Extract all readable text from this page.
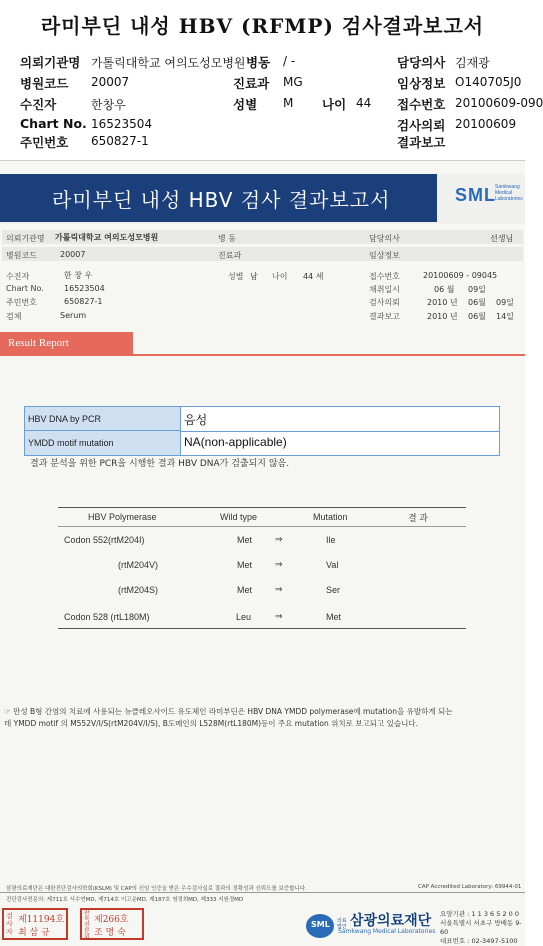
라미부딘 내성 HBV (RFMP) 검사결과보고서
의뢰기관명 가톨릭대학교 여의도성모병원 병동 / -	담당의사 김재광
병원코드 20007	진료과 MG	임상정보 O140705J0
수진자	한창우	성별 M 나이 44 접수번호 20100609-090
Chart No. 16523504	검사의뢰 20100609
주민번호 650827-1	결과보고
라미부딘 내성 HBV 검사 결과보고서	SML Samkwang Medical Laboratories
의뢰기관명 가톨릭대학교 여의도성모병원	병 동	담당의사	선생님
병원코드	20007	진료과	임상정보
수진자	한 창 우	성별 남 나이 44 세	접수번호	20100609 - 09045
Chart No.	16523504	채취일시	06 월 09일
주민번호	650827-1	검사의뢰	2010 년 06월 09일
검체	Serum	결과보고	2010 년 06월 14일
Result Report
HBV DNA by PCR	음성
YMDD motif mutation	NA(non-applicable)
결과 분석을 위한 PCR을 시행한 결과 HBV DNA가 검출되지 않음.
HBV Polymerase	Wild type	Mutation	결 과
Codon 552(rtM204I)	Met	⇒	Ile
(rtM204V)	Met	⇒	Val
(rtM204S)	Met	⇒	Ser
Codon 528 (rtL180M)	Leu	⇒	Met
☞ 만성 B형 간염의 치료에 사용되는 뉴클레오사이드 유도체인 라미부딘은 HBV DNA YMDD polymerase에 mutation을 유발하게 되는
데 YMDD motif 의 M552V/I/S(rtM204V/I/S), B도메인의 L528M(rtL180M)등이 주요 mutation 위치로 보고되고 있습니다.
삼광의료재단은 대한진단검사의학회(KSLM) 및 CAP의 신임 인증을 받은 우수검사실로 결과의 정확성과 신뢰도를 보증합니다.	CAP Accredited Laboratory: 69944-01
진단검사전문의: 제711호 서수연MD, 제714호 이고운MD, 제187호 염정희MD, 제333 지원경MD
검사자
제11194호
최 삼 규
판독전문의
제266호
조 명 숙
SML 의료법인 삼광의료재단
Samkwang Medical Laboratories
요양기관 : 1 1 3 6 5 2 0 0
서울특별시 서초구 방배동 9-60
대표번호 : 02-3497-5100
